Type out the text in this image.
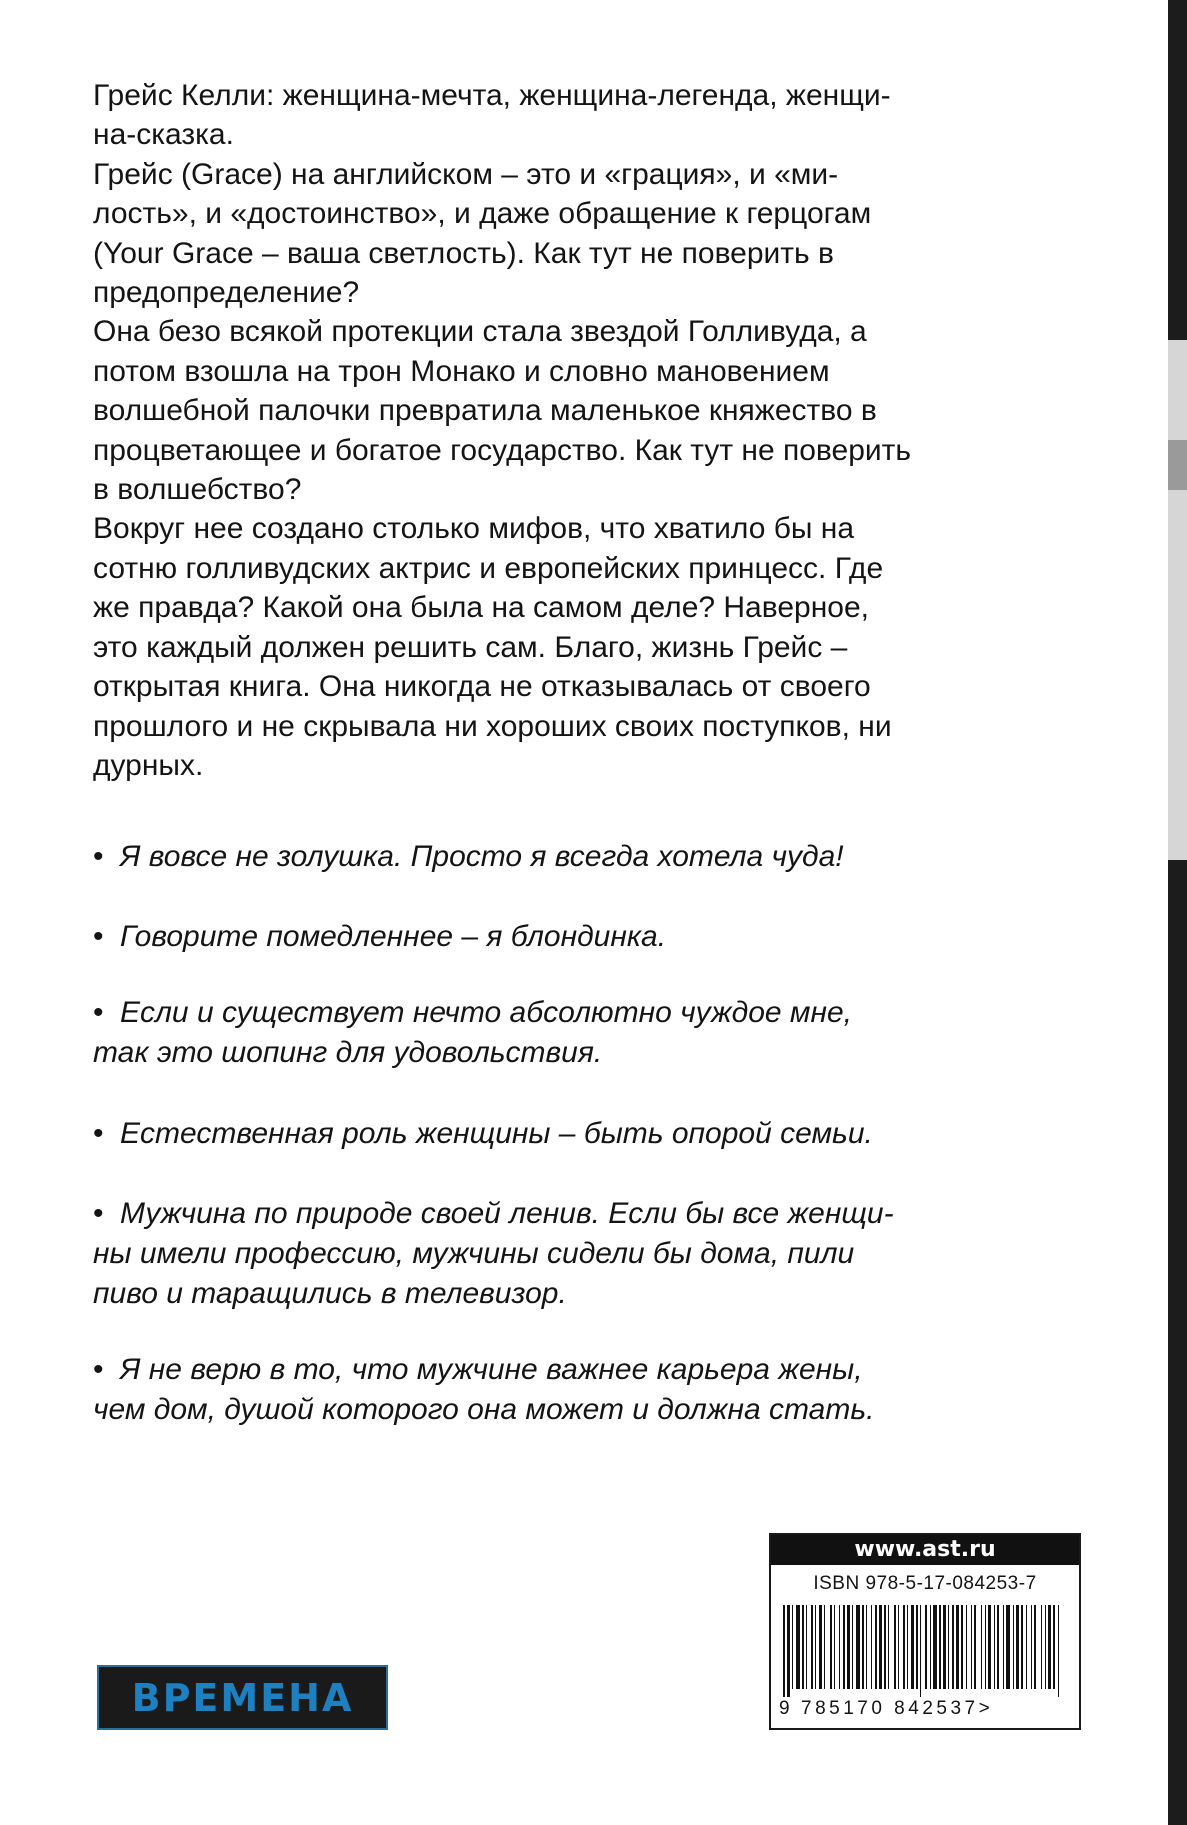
Грейс Келли: женщина-мечта, женщина-легенда, женщи-
на-сказка.
Грейс (Grace) на английском – это и «грация», и «ми-
лость», и «достоинство», и даже обращение к герцогам
(Your Grace – ваша светлость). Как тут не поверить в
предопределение?
Она безо всякой протекции стала звездой Голливуда, а
потом взошла на трон Монако и словно мановением
волшебной палочки превратила маленькое княжество в
процветающее и богатое государство. Как тут не поверить
в волшебство?
Вокруг нее создано столько мифов, что хватило бы на
сотню голливудских актрис и европейских принцесс. Где
же правда? Какой она была на самом деле? Наверное,
это каждый должен решить сам. Благо, жизнь Грейс –
открытая книга. Она никогда не отказывалась от своего
прошлого и не скрывала ни хороших своих поступков, ни
дурных.
• Я вовсе не золушка. Просто я всегда хотела чуда!
• Говорите помедленнее – я блондинка.
• Если и существует нечто абсолютно чуждое мне,
так это шопинг для удовольствия.
• Естественная роль женщины – быть опорой семьи.
• Мужчина по природе своей ленив. Если бы все женщи-
ны имели профессию, мужчины сидели бы дома, пили
пиво и таращились в телевизор.
• Я не верю в то, что мужчине важнее карьера жены,
чем дом, душой которого она может и должна стать.
ВРЕМЕНА
www.ast.ru
ISBN 978-5-17-084253-7
9 785170 842537>
